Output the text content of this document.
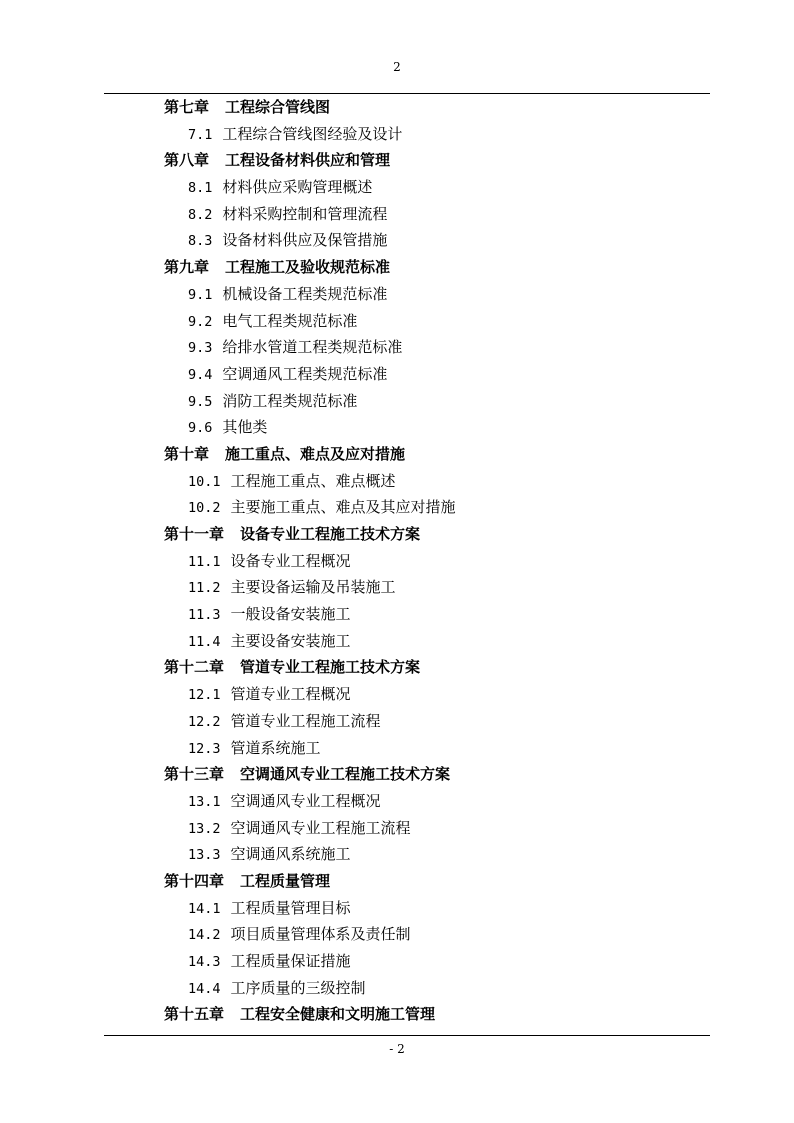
2
第七章 工程综合管线图
7.1 工程综合管线图经验及设计
第八章 工程设备材料供应和管理
8.1 材料供应采购管理概述
8.2 材料采购控制和管理流程
8.3 设备材料供应及保管措施
第九章 工程施工及验收规范标准
9.1 机械设备工程类规范标准
9.2 电气工程类规范标准
9.3 给排水管道工程类规范标准
9.4 空调通风工程类规范标准
9.5 消防工程类规范标准
9.6 其他类
第十章 施工重点、难点及应对措施
10.1 工程施工重点、难点概述
10.2 主要施工重点、难点及其应对措施
第十一章 设备专业工程施工技术方案
11.1 设备专业工程概况
11.2 主要设备运输及吊装施工
11.3 一般设备安装施工
11.4 主要设备安装施工
第十二章 管道专业工程施工技术方案
12.1 管道专业工程概况
12.2 管道专业工程施工流程
12.3 管道系统施工
第十三章 空调通风专业工程施工技术方案
13.1 空调通风专业工程概况
13.2 空调通风专业工程施工流程
13.3 空调通风系统施工
第十四章 工程质量管理
14.1 工程质量管理目标
14.2 项目质量管理体系及责任制
14.3 工程质量保证措施
14.4 工序质量的三级控制
第十五章 工程安全健康和文明施工管理
- 2
